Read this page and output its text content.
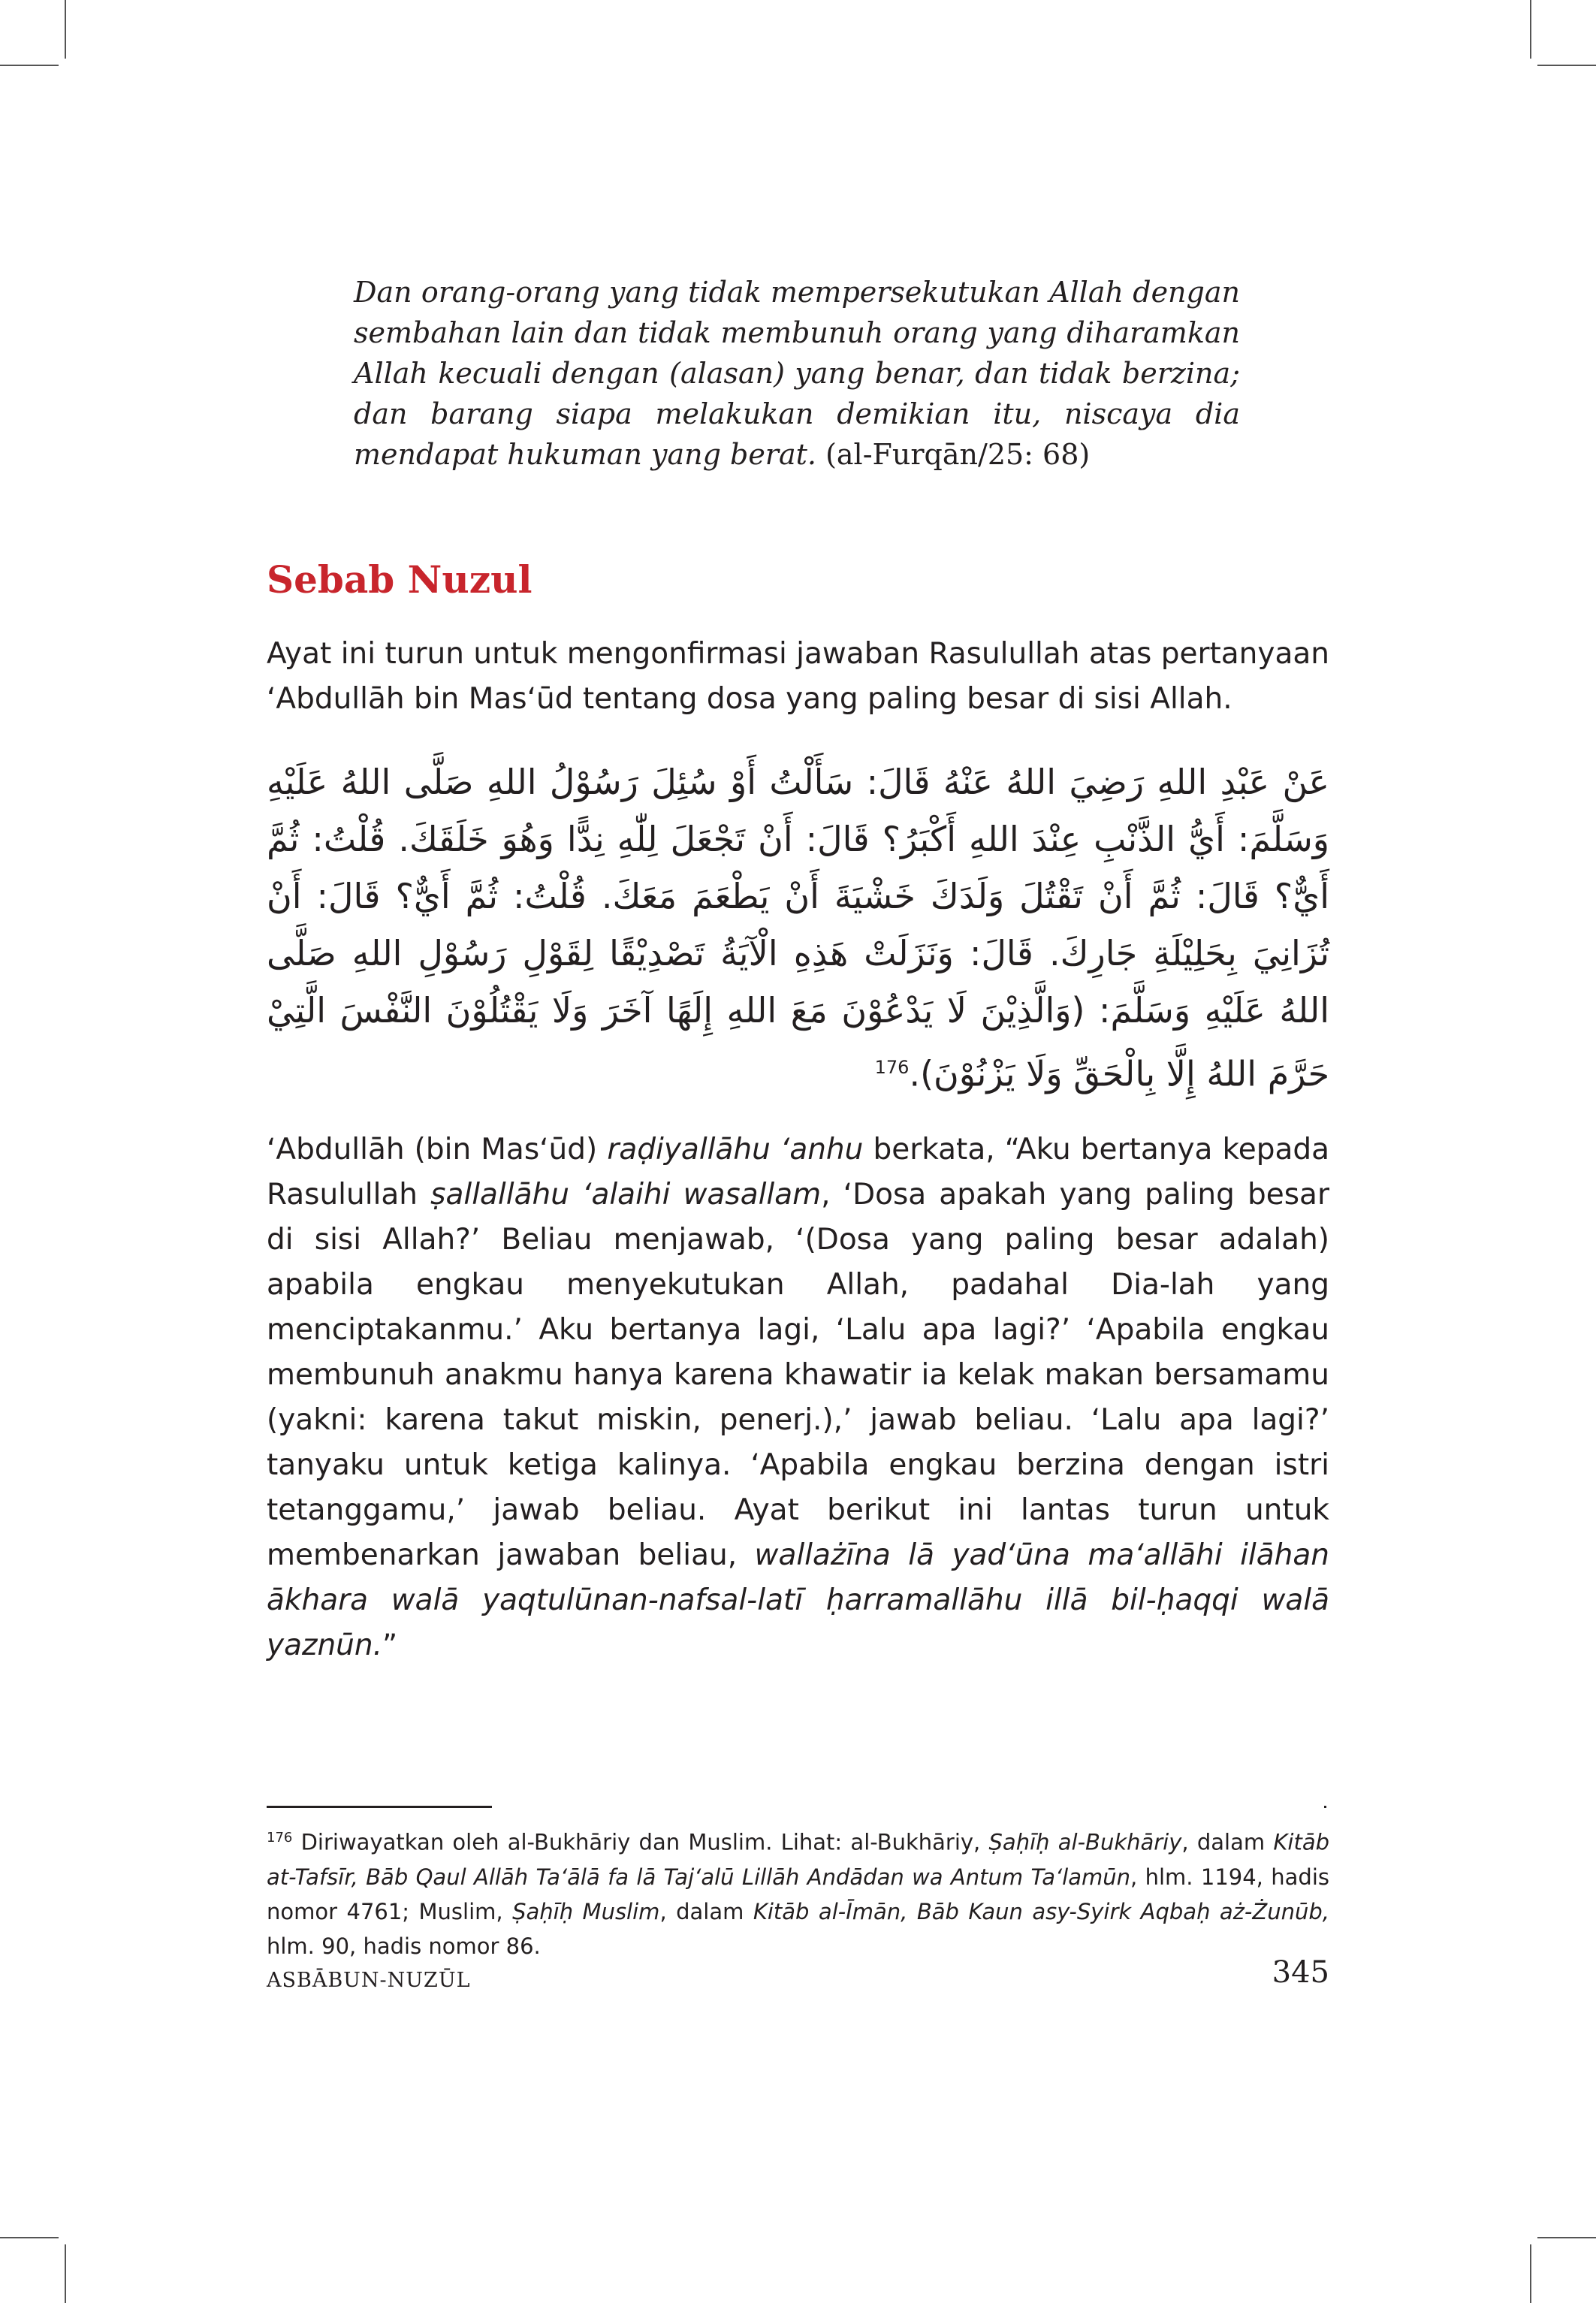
Dan orang-orang yang tidak mempersekutukan Allah dengan sembahan lain dan tidak membunuh orang yang diharamkan Allah kecuali dengan (alasan) yang benar, dan tidak berzina; dan barang siapa melakukan demikian itu, niscaya dia mendapat hukuman yang berat. (al-Furqān/25: 68)
Sebab Nuzul
Ayat ini turun untuk mengonfirmasi jawaban Rasulullah atas pertanyaan ‘Abdullāh bin Mas‘ūd tentang dosa yang paling besar di sisi Allah.
عَنْ عَبْدِ اللهِ رَضِيَ اللهُ عَنْهُ قَالَ: سَأَلْتُ أَوْ سُئِلَ رَسُوْلُ اللهِ صَلَّى اللهُ عَلَيْهِ وَسَلَّمَ: أَيُّ الذَّنْبِ عِنْدَ اللهِ أَكْبَرُ؟ قَالَ: أَنْ تَجْعَلَ لِلّٰهِ نِدًّا وَهُوَ خَلَقَكَ. قُلْتُ: ثُمَّ أَيٌّ؟ قَالَ: ثُمَّ أَنْ تَقْتُلَ وَلَدَكَ خَشْيَةَ أَنْ يَطْعَمَ مَعَكَ. قُلْتُ: ثُمَّ أَيٌّ؟ قَالَ: أَنْ تُزَانِيَ بِحَلِيْلَةِ جَارِكَ. قَالَ: وَنَزَلَتْ هَذِهِ الْآيَةُ تَصْدِيْقًا لِقَوْلِ رَسُوْلِ اللهِ صَلَّى اللهُ عَلَيْهِ وَسَلَّمَ: (وَالَّذِيْنَ لَا يَدْعُوْنَ مَعَ اللهِ إِلَهًا آخَرَ وَلَا يَقْتُلُوْنَ النَّفْسَ الَّتِيْ حَرَّمَ اللهُ إِلَّا بِالْحَقِّ وَلَا يَزْنُوْنَ).$^{176}$
‘Abdullāh (bin Mas‘ūd) raḍiyallāhu ‘anhu berkata, “Aku bertanya kepada Rasulullah ṣallallāhu ‘alaihi wasallam, ‘Dosa apakah yang paling besar di sisi Allah?’ Beliau menjawab, ‘(Dosa yang paling besar adalah) apabila engkau menyekutukan Allah, padahal Dia-lah yang menciptakanmu.’ Aku bertanya lagi, ‘Lalu apa lagi?’ ‘Apabila engkau membunuh anakmu hanya karena khawatir ia kelak makan bersamamu (yakni: karena takut miskin, penerj.),’ jawab beliau. ‘Lalu apa lagi?’ tanyaku untuk ketiga kalinya. ‘Apabila engkau berzina dengan istri tetanggamu,’ jawab beliau. Ayat berikut ini lantas turun untuk membenarkan jawaban beliau, wallażīna lā yad‘ūna ma‘allāhi ilāhan ākhara walā yaqtulūnan-nafsal-latī ḥarramallāhu illā bil-ḥaqqi walā yaznūn.”
$^{176}$ Diriwayatkan oleh al-Bukhāriy dan Muslim. Lihat: al-Bukhāriy, Ṣaḥīḥ al-Bukhāriy, dalam Kitāb at-Tafsīr, Bāb Qaul Allāh Ta‘ālā fa lā Taj‘alū Lillāh Andādan wa Antum Ta‘lamūn, hlm. 1194, hadis nomor 4761; Muslim, Ṣaḥīḥ Muslim, dalam Kitāb al-Īmān, Bāb Kaun asy-Syirk Aqbaḥ aż-Żunūb, hlm. 90, hadis nomor 86.
ASBĀBUN-NUZŪL	345
